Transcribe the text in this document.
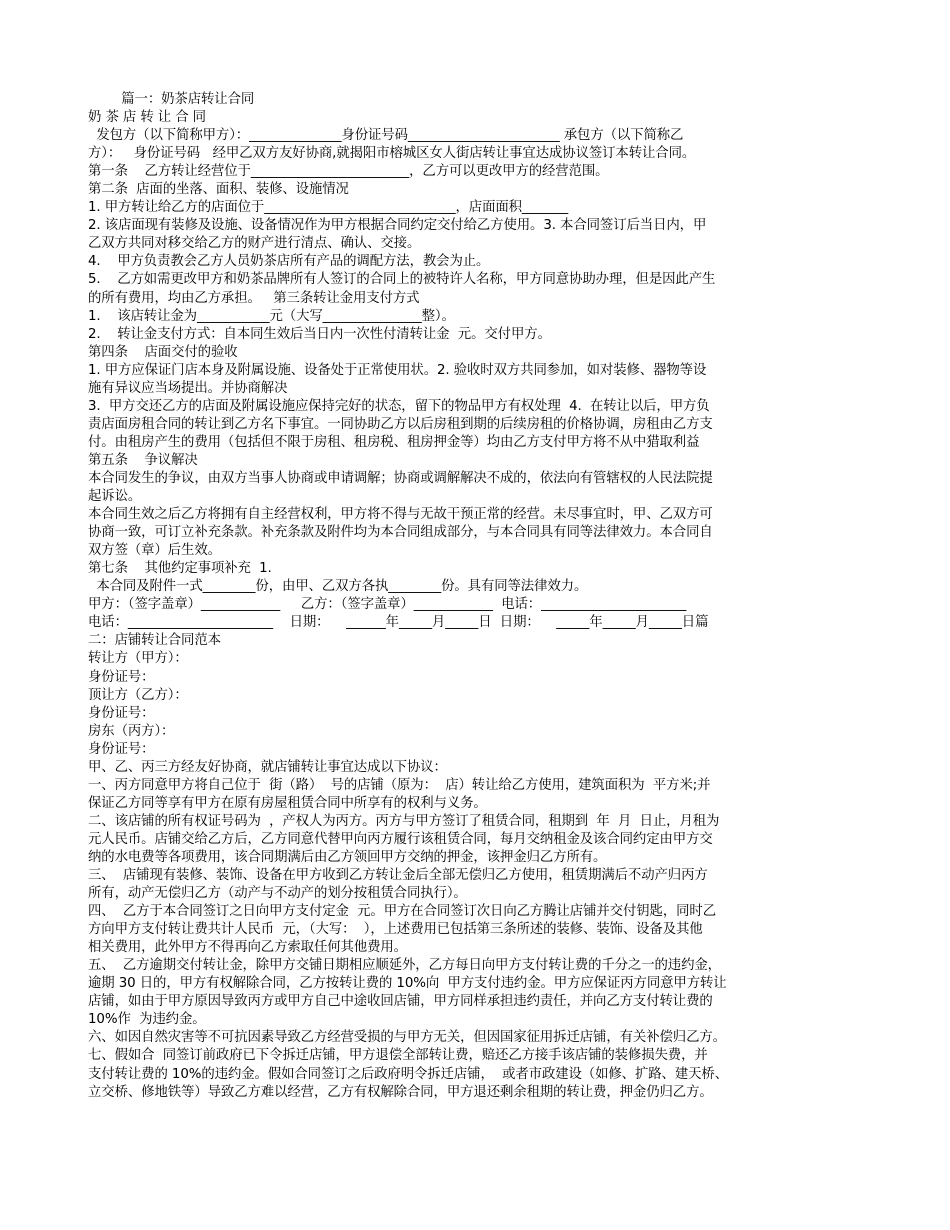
篇一：奶茶店转让合同
奶 茶 店 转 让 合 同
发包方（以下简称甲方）：______________身份证号码_______________________ 承包方（以下简称乙
方）：   身份证号码   经甲乙双方友好协商,就揭阳市榕城区女人街店转让事宜达成协议签订本转让合同。
第一条    乙方转让经营位于________________________，乙方可以更改甲方的经营范围。
第二条  店面的坐落、面积、装修、设施情况
1. 甲方转让给乙方的店面位于_____________________________，店面面积_______
2. 该店面现有装修及设施、设备情况作为甲方根据合同约定交付给乙方使用。3. 本合同签订后当日内，甲
乙双方共同对移交给乙方的财产进行清点、确认、交接。
4.    甲方负责教会乙方人员奶茶店所有产品的调配方法，教会为止。
5.    乙方如需更改甲方和奶茶品牌所有人签订的合同上的被特许人名称，甲方同意协助办理，但是因此产生
的所有费用，均由乙方承担。   第三条转让金用支付方式
1.    该店转让金为___________元（大写_______________整）。
2.    转让金支付方式：自本同生效后当日内一次性付清转让金  元。交付甲方。
第四条    店面交付的验收
1. 甲方应保证门店本身及附属设施、设备处于正常使用状。2. 验收时双方共同参加，如对装修、器物等设
施有异议应当场提出。并协商解决
3.  甲方交还乙方的店面及附属设施应保持完好的状态，留下的物品甲方有权处理  4.  在转让以后，甲方负
责店面房租合同的转让到乙方名下事宜。一同协助乙方以后房租到期的后续房租的价格协调，房租由乙方支
付。由租房产生的费用（包括但不限于房租、租房税、租房押金等）均由乙方支付甲方将不从中猎取利益
第五条    争议解决
本合同发生的争议，由双方当事人协商或申请调解；协商或调解解决不成的，依法向有管辖权的人民法院提
起诉讼。
本合同生效之后乙方将拥有自主经营权利，甲方将不得与无故干预正常的经营。未尽事宜时，甲、乙双方可
协商一致，可订立补充条款。补充条款及附件均为本合同组成部分，与本合同具有同等法律效力。本合同自
双方签（章）后生效。
第七条    其他约定事项补充  1.
本合同及附件一式________份，由甲、乙双方各执________份。具有同等法律效力。
甲方：（签字盖章）____________     乙方：（签字盖章）____________  电话：______________________
电话：______________________    日期：    ______年_____月_____日  日期：    _____年_____月_____日篇
二：店铺转让合同范本
转让方（甲方）：
身份证号：
顶让方（乙方）：
身份证号：
房东（丙方）：
身份证号：
甲、乙、丙三方经友好协商，就店铺转让事宜达成以下协议：
一、丙方同意甲方将自己位于  街（路）  号的店铺（原为：  店）转让给乙方使用，建筑面积为  平方米;并
保证乙方同等享有甲方在原有房屋租赁合同中所享有的权利与义务。
二、该店铺的所有权证号码为  ，产权人为丙方。丙方与甲方签订了租赁合同，租期到  年  月  日止，月租为
元人民币。店铺交给乙方后，乙方同意代替甲向丙方履行该租赁合同，每月交纳租金及该合同约定由甲方交
纳的水电费等各项费用，该合同期满后由乙方领回甲方交纳的押金，该押金归乙方所有。
三、  店铺现有装修、装饰、设备在甲方收到乙方转让金后全部无偿归乙方使用，租赁期满后不动产归丙方
所有，动产无偿归乙方（动产与不动产的划分按租赁合同执行）。
四、  乙方于本合同签订之日向甲方支付定金  元。甲方在合同签订次日向乙方腾让店铺并交付钥匙，同时乙
方向甲方支付转让费共计人民币  元，（大写：  ），上述费用已包括第三条所述的装修、装饰、设备及其他
相关费用，此外甲方不得再向乙方索取任何其他费用。
五、  乙方逾期交付转让金，除甲方交铺日期相应顺延外，乙方每日向甲方支付转让费的千分之一的违约金，
逾期 30 日的，甲方有权解除合同，乙方按转让费的 10%向  甲方支付违约金。甲方应保证丙方同意甲方转让
店铺，如由于甲方原因导致丙方或甲方自己中途收回店铺，甲方同样承担违约责任，并向乙方支付转让费的
10%作  为违约金。
六、如因自然灾害等不可抗因素导致乙方经营受损的与甲方无关，但因国家征用拆迁店铺，有关补偿归乙方。
七、假如合  同签订前政府已下令拆迁店铺，甲方退偿全部转让费，赔还乙方接手该店铺的装修损失费，并
支付转让费的 10%的违约金。假如合同签订之后政府明令拆迁店铺，  或者市政建设（如修、扩路、建天桥、
立交桥、修地铁等）导致乙方难以经营，乙方有权解除合同，甲方退还剩余租期的转让费，押金仍归乙方。
